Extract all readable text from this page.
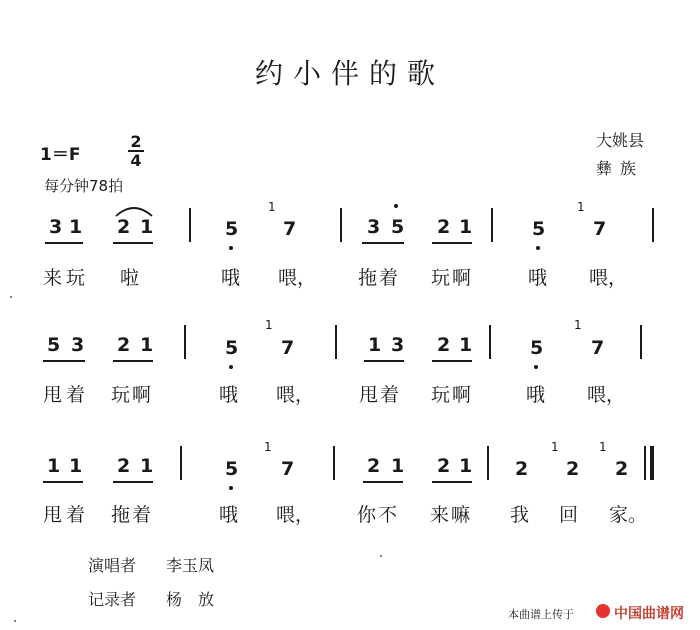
约小伴的歌
1＝F
2
4
每分钟78拍
大姚县
彝族
3 1 2 1	5
1
7	3 5 2 1	5
1
7
来玩 啦	哦 喂， 拖着 玩啊	哦 喂，
5 3 2 1	5
1
7	1 3 2 1	5
1
7
甩着 玩啊	哦 喂， 甩着 玩啊	哦 喂，
1 1 2 1	5
1
7	2 1 2 1 2
1
2
1
2
甩着 拖着	哦 喂， 你不 来嘛 我 回 家。
演唱者 李玉凤
记录者 杨　放
本曲谱上传于	中国曲谱网
